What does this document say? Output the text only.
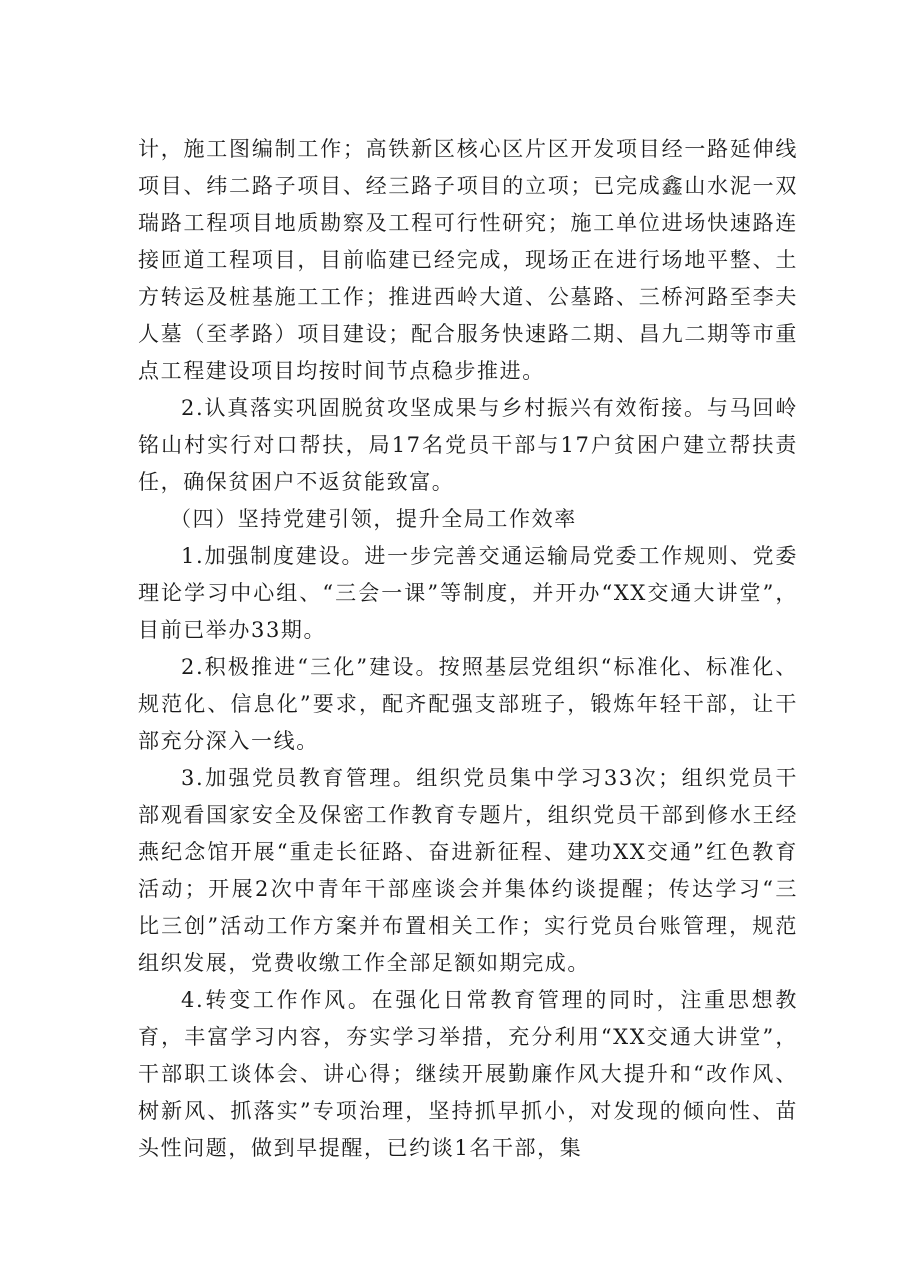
计，施工图编制工作；高铁新区核心区片区开发项目经一路延伸线项目、纬二路子项目、经三路子项目的立项；已完成鑫山水泥一双瑞路工程项目地质勘察及工程可行性研究；施工单位进场快速路连接匝道工程项目，目前临建已经完成，现场正在进行场地平整、土方转运及桩基施工工作；推进西岭大道、公墓路、三桥河路至李夫人墓（至孝路）项目建设；配合服务快速路二期、昌九二期等市重点工程建设项目均按时间节点稳步推进。

2.认真落实巩固脱贫攻坚成果与乡村振兴有效衔接。与马回岭铭山村实行对口帮扶，局17名党员干部与17户贫困户建立帮扶责任，确保贫困户不返贫能致富。

（四）坚持党建引领，提升全局工作效率

1.加强制度建设。进一步完善交通运输局党委工作规则、党委理论学习中心组、“三会一课”等制度，并开办“XX交通大讲堂”，目前已举办33期。

2.积极推进“三化”建设。按照基层党组织“标准化、标准化、规范化、信息化”要求，配齐配强支部班子，锻炼年轻干部，让干部充分深入一线。

3.加强党员教育管理。组织党员集中学习33次；组织党员干部观看国家安全及保密工作教育专题片，组织党员干部到修水王经燕纪念馆开展“重走长征路、奋进新征程、建功XX交通”红色教育活动；开展2次中青年干部座谈会并集体约谈提醒；传达学习“三比三创”活动工作方案并布置相关工作；实行党员台账管理，规范组织发展，党费收缴工作全部足额如期完成。

4.转变工作作风。在强化日常教育管理的同时，注重思想教育，丰富学习内容，夯实学习举措，充分利用“XX交通大讲堂”，干部职工谈体会、讲心得；继续开展勤廉作风大提升和“改作风、树新风、抓落实”专项治理，坚持抓早抓小，对发现的倾向性、苗头性问题，做到早提醒，已约谈1名干部，集
